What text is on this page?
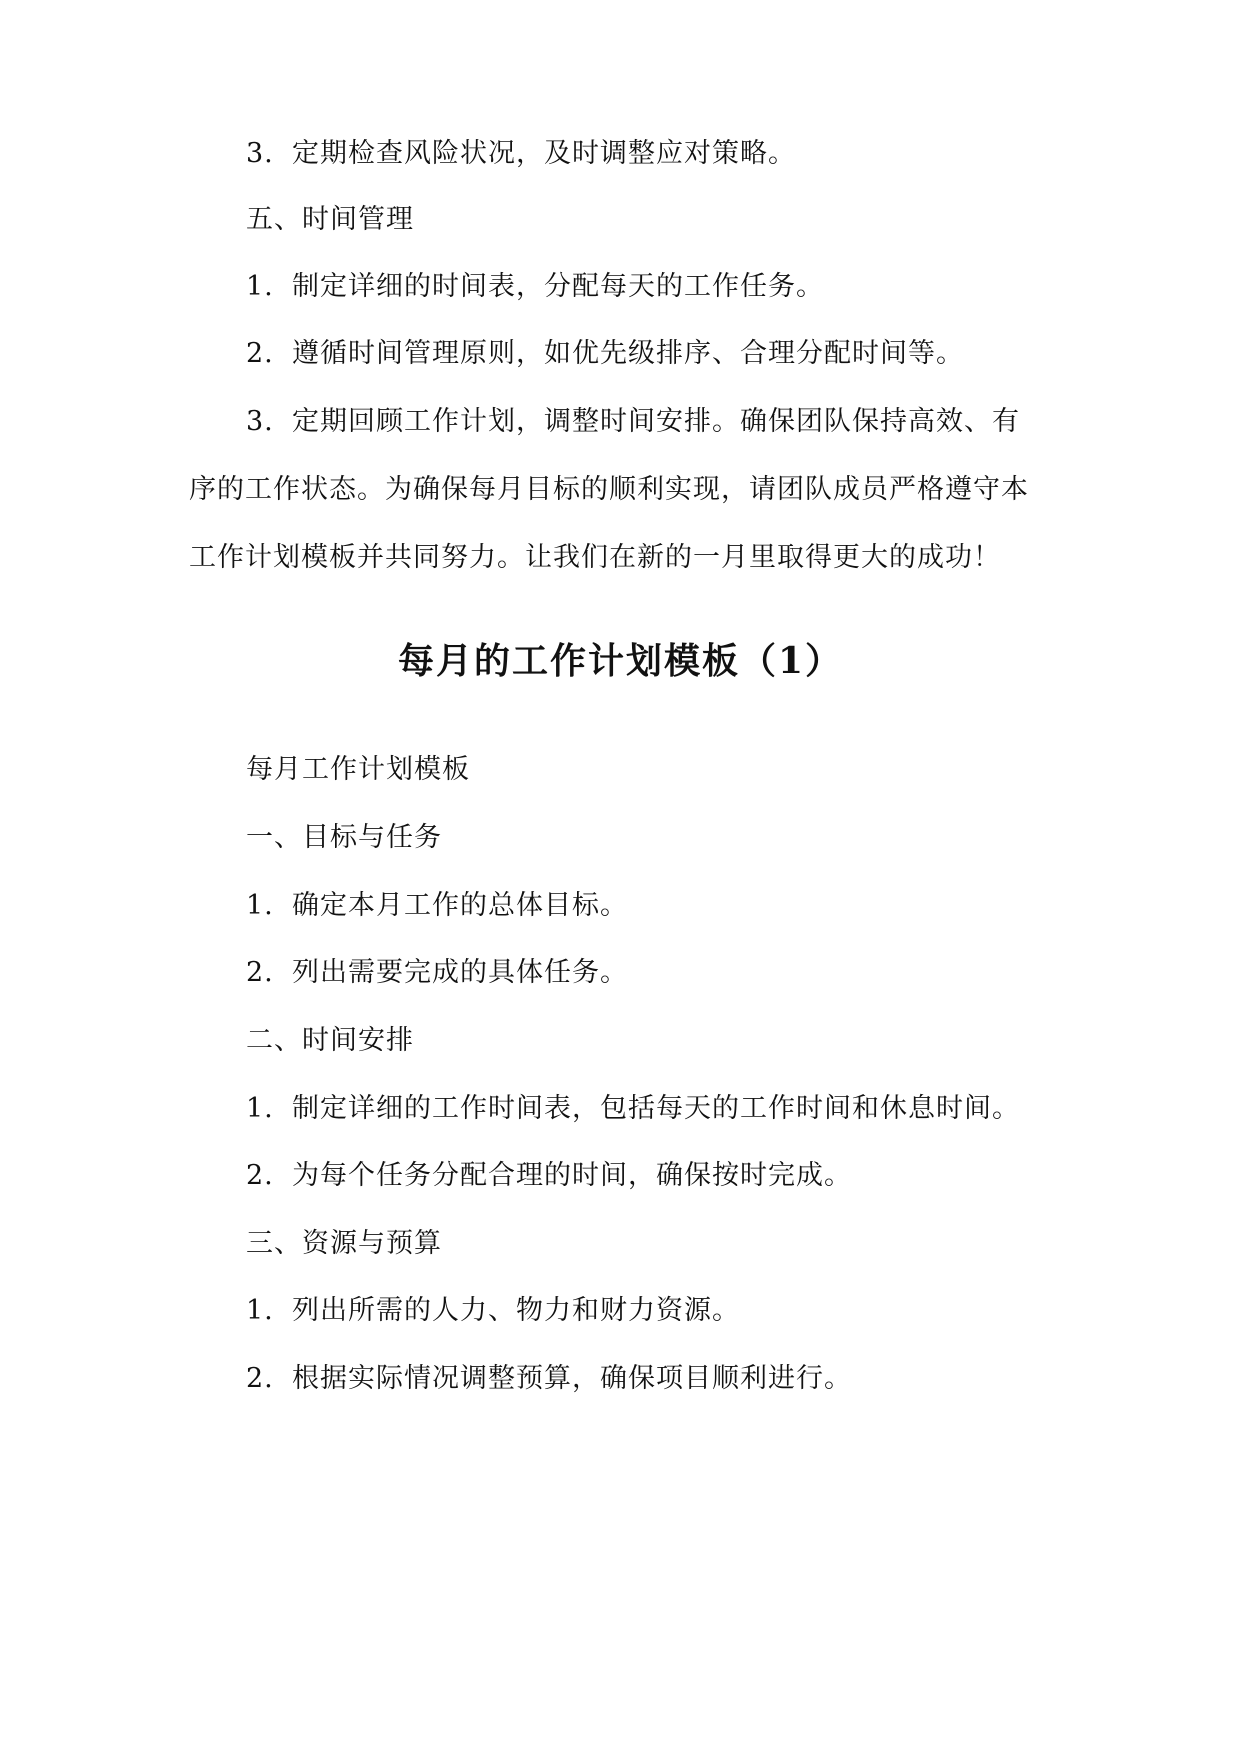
3. 定期检查风险状况，及时调整应对策略。
五、时间管理
1. 制定详细的时间表，分配每天的工作任务。
2. 遵循时间管理原则，如优先级排序、合理分配时间等。
3. 定期回顾工作计划，调整时间安排。确保团队保持高效、有
序的工作状态。为确保每月目标的顺利实现，请团队成员严格遵守本
工作计划模板并共同努力。让我们在新的一月里取得更大的成功！
每月的工作计划模板（1）
每月工作计划模板
一、目标与任务
1. 确定本月工作的总体目标。
2. 列出需要完成的具体任务。
二、时间安排
1. 制定详细的工作时间表，包括每天的工作时间和休息时间。
2. 为每个任务分配合理的时间，确保按时完成。
三、资源与预算
1. 列出所需的人力、物力和财力资源。
2. 根据实际情况调整预算，确保项目顺利进行。
